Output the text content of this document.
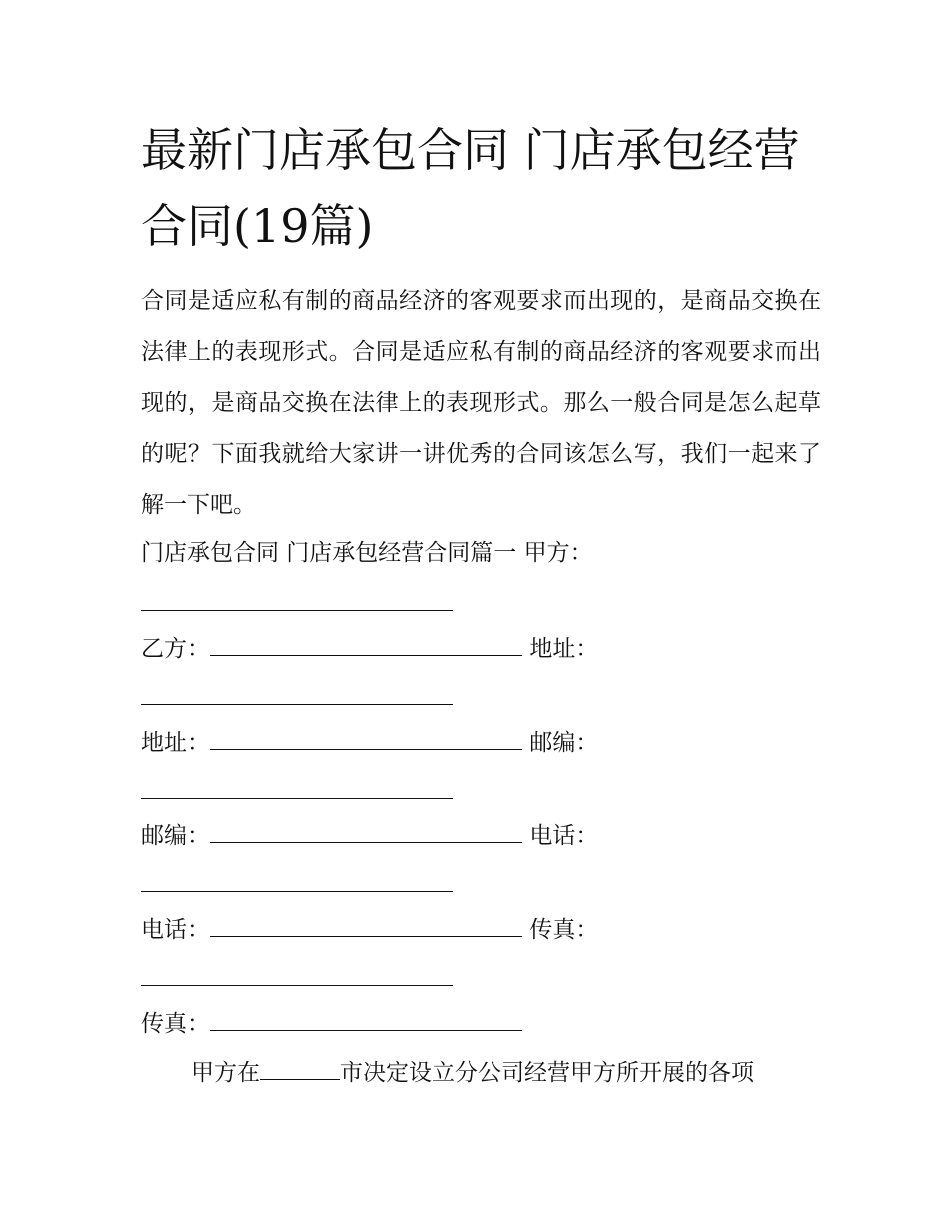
最新门店承包合同 门店承包经营合同(19篇)

合同是适应私有制的商品经济的客观要求而出现的，是商品交换在法律上的表现形式。合同是适应私有制的商品经济的客观要求而出现的，是商品交换在法律上的表现形式。那么一般合同是怎么起草的呢？下面我就给大家讲一讲优秀的合同该怎么写，我们一起来了解一下吧。

门店承包合同 门店承包经营合同篇一 甲方：
乙方：	地址：
地址：	邮编：
邮编：	电话：
电话：	传真：
传真：
甲方在	市决定设立分公司经营甲方所开展的各项
